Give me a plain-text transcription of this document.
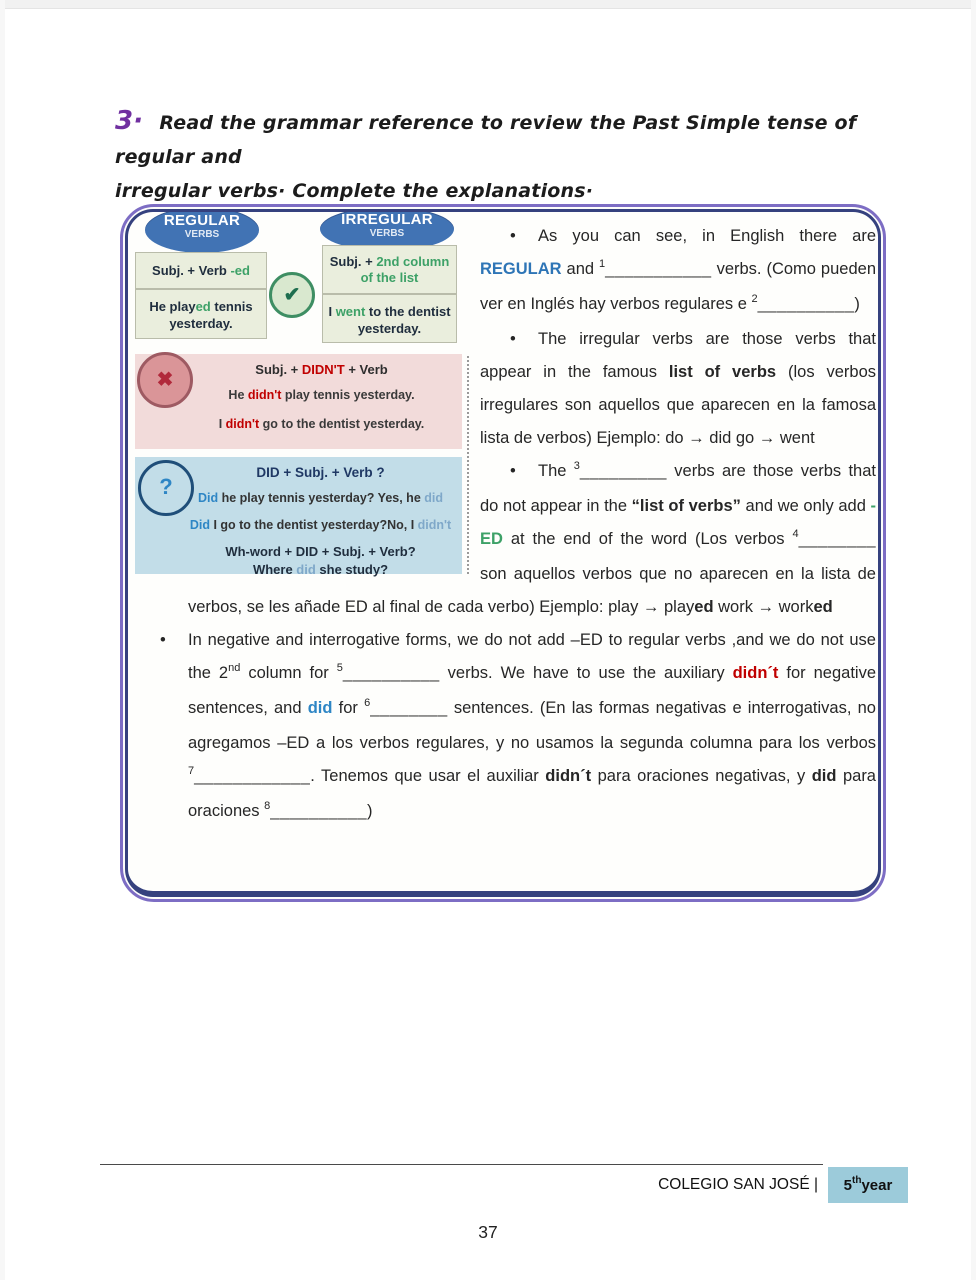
3· Read the grammar reference to review the Past Simple tense of regular and
irregular verbs· Complete the explanations·
REGULAR
VERBS
IRREGULAR
VERBS
Subj. + Verb -ed
He played tennis yesterday.
Subj. + 2nd column of the list
I went to the dentist yesterday.
✔
Subj. + DIDN'T + Verb
He didn't play tennis yesterday.
I didn't go to the dentist yesterday.
✖
DID + Subj. + Verb ?
Did he play tennis yesterday? Yes, he did
Did I go to the dentist yesterday?No, I didn't
Wh-word + DID + Subj. + Verb?
Where did she study?
?

• As you can see, in English there are REGULAR and $^1$___________ verbs. (Como pueden ver en Inglés hay verbos regulares e $^2$__________)

• The irregular verbs are those verbs that appear in the famous list of verbs (los verbos irregulares son aquellos que aparecen en la famosa lista de verbos) Ejemplo: do → did go → went

• The $^3$_________ verbs are those verbs that do not appear in the “list of verbs” and we only add -ED at the end of the word (Los verbos $^4$________ son aquellos verbos que no aparecen en la lista de verbos, se les añade ED al final de cada verbo) Ejemplo: play → played work → worked

• In negative and interrogative forms, we do not add –ED to regular verbs ,and we do not use the 2nd column for $^5$__________ verbs. We have to use the auxiliary didn´t for negative sentences, and did for $^6$________ sentences. (En las formas negativas e interrogativas, no agregamos –ED a los verbos regulares, y no usamos la segunda columna para los verbos $^7$____________. Tenemos que usar el auxiliar didn´t para oraciones negativas, y did para oraciones $^8$__________)

COLEGIO SAN JOSÉ | 5 th year
37
